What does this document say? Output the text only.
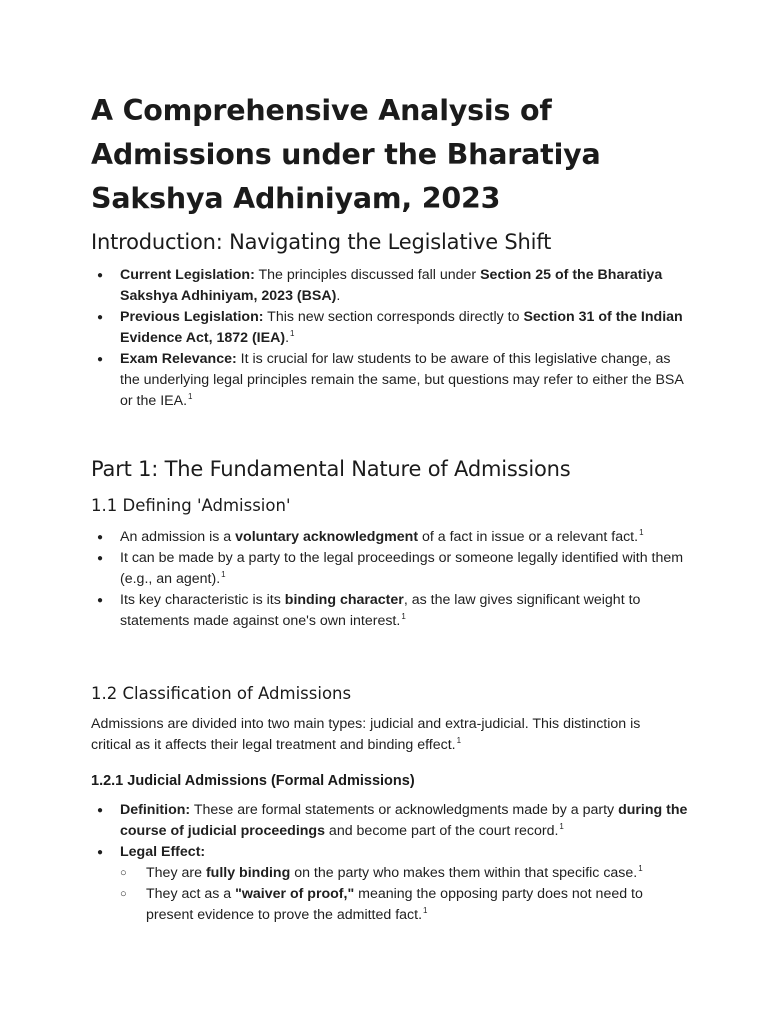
A Comprehensive Analysis of Admissions under the Bharatiya Sakshya Adhiniyam, 2023
Introduction: Navigating the Legislative Shift
● Current Legislation: The principles discussed fall under Section 25 of the Bharatiya Sakshya Adhiniyam, 2023 (BSA).
● Previous Legislation: This new section corresponds directly to Section 31 of the Indian Evidence Act, 1872 (IEA).$^1$
● Exam Relevance: It is crucial for law students to be aware of this legislative change, as the underlying legal principles remain the same, but questions may refer to either the BSA or the IEA.$^1$
Part 1: The Fundamental Nature of Admissions
1.1 Defining 'Admission'
● An admission is a voluntary acknowledgment of a fact in issue or a relevant fact.$^1$
● It can be made by a party to the legal proceedings or someone legally identified with them (e.g., an agent).$^1$
● Its key characteristic is its binding character, as the law gives significant weight to statements made against one's own interest.$^1$
1.2 Classification of Admissions

Admissions are divided into two main types: judicial and extra-judicial. This distinction is critical as it affects their legal treatment and binding effect.$^1$

1.2.1 Judicial Admissions (Formal Admissions)
● Definition: These are formal statements or acknowledgments made by a party during the course of judicial proceedings and become part of the court record.$^1$
● Legal Effect:
○ They are fully binding on the party who makes them within that specific case.$^1$
○ They act as a "waiver of proof," meaning the opposing party does not need to present evidence to prove the admitted fact.$^1$
